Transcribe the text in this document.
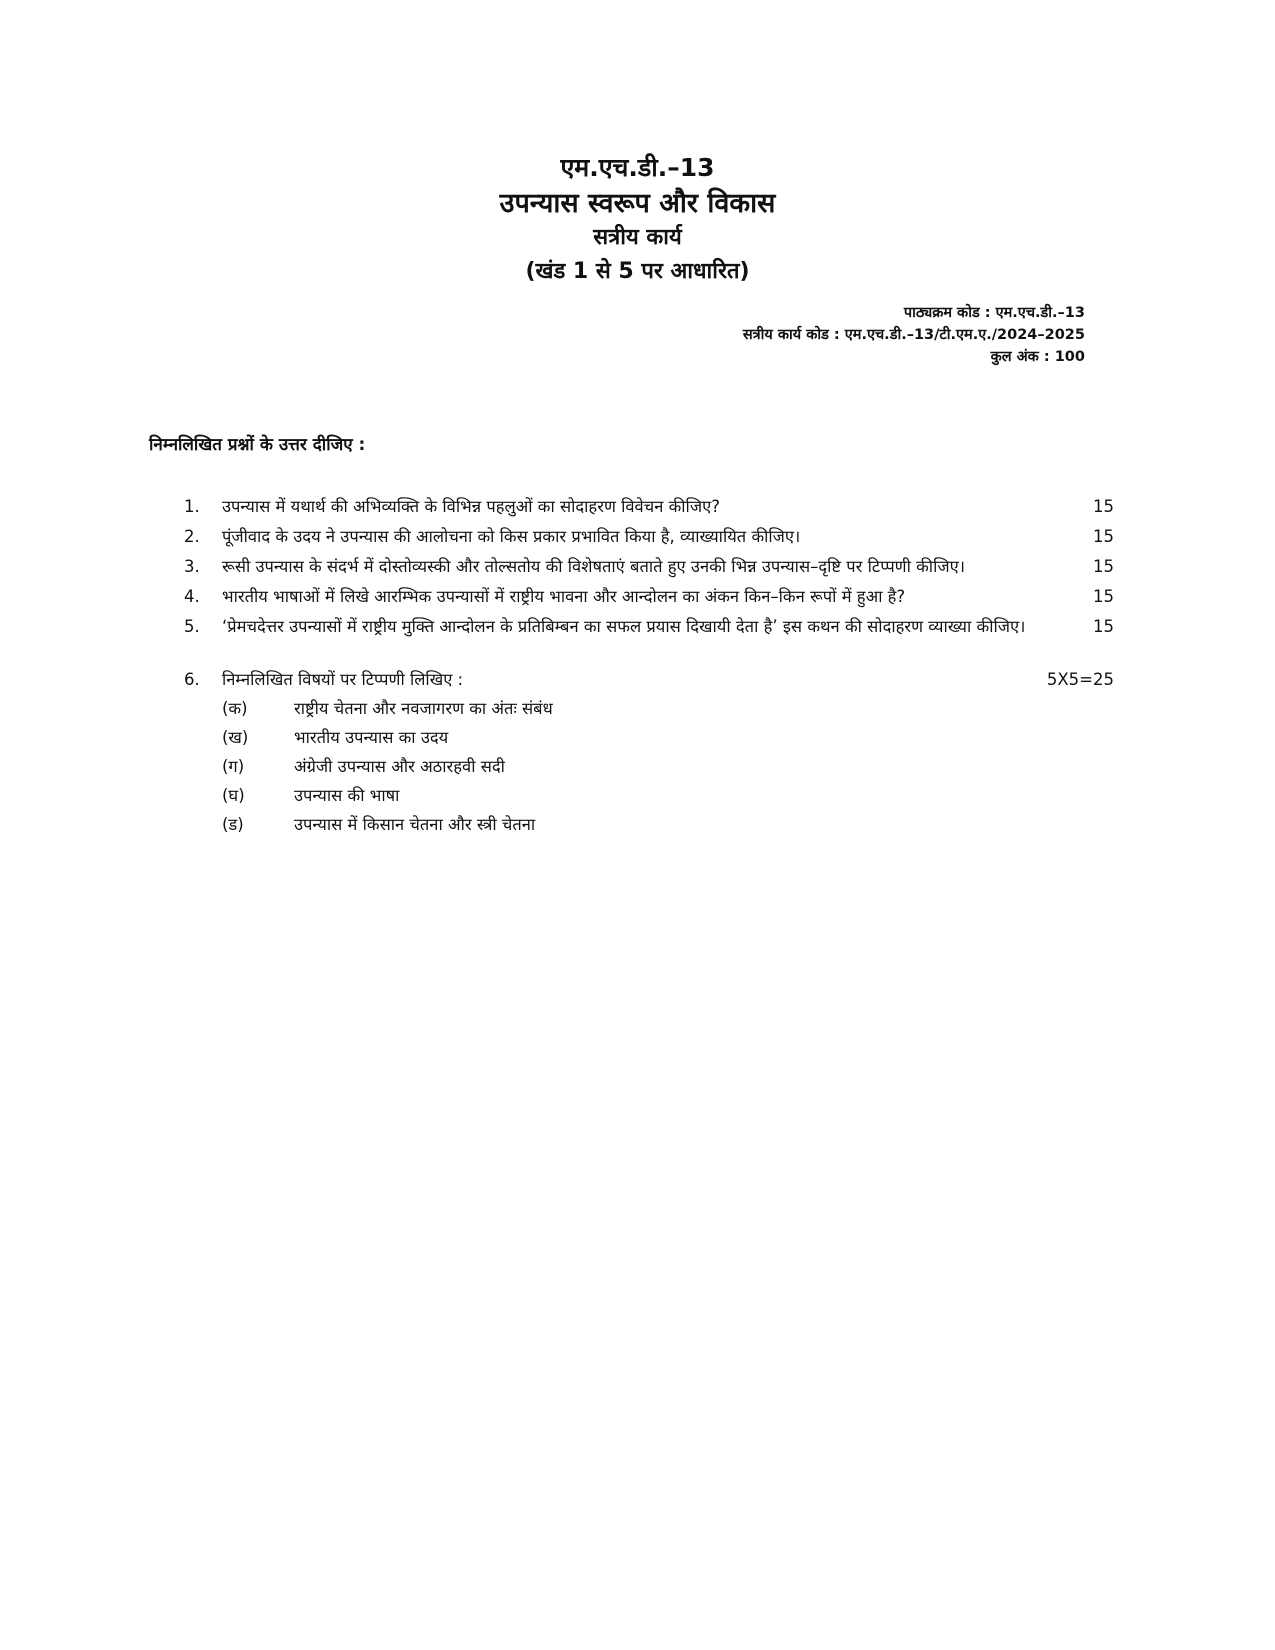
एम.एच.डी.–13
उपन्यास स्वरूप और विकास
सत्रीय कार्य
(खंड 1 से 5 पर आधारित)
पाठ्यक्रम कोड : एम.एच.डी.–13
सत्रीय कार्य कोड : एम.एच.डी.–13/टी.एम.ए./2024–2025
कुल अंक : 100
निम्नलिखित प्रश्नों के उत्तर दीजिए :
1.	उपन्यास में यथार्थ की अभिव्यक्ति के विभिन्न पहलुओं का सोदाहरण विवेचन कीजिए?	15
2.	पूंजीवाद के उदय ने उपन्यास की आलोचना को किस प्रकार प्रभावित किया है, व्याख्यायित कीजिए।	15
3.	रूसी उपन्यास के संदर्भ में दोस्तोव्यस्की और तोल्सतोय की विशेषताएं बताते हुए उनकी भिन्न उपन्यास–दृष्टि पर टिप्पणी कीजिए।	15
4.	भारतीय भाषाओं में लिखे आरम्भिक उपन्यासों में राष्ट्रीय भावना और आन्दोलन का अंकन किन–किन रूपों में हुआ है?	15
5.	‘प्रेमचदेत्तर उपन्यासों में राष्ट्रीय मुक्ति आन्दोलन के प्रतिबिम्बन का सफल प्रयास दिखायी देता है’ इस कथन की सोदाहरण व्याख्या कीजिए।	15
6.	निम्नलिखित विषयों पर टिप्पणी लिखिए :	5X5=25
(क)	राष्ट्रीय चेतना और नवजागरण का अंतः संबंध
(ख)	भारतीय उपन्यास का उदय
(ग)	अंग्रेजी उपन्यास और अठारहवी सदी
(घ)	उपन्यास की भाषा
(ड)	उपन्यास में किसान चेतना और स्त्री चेतना
